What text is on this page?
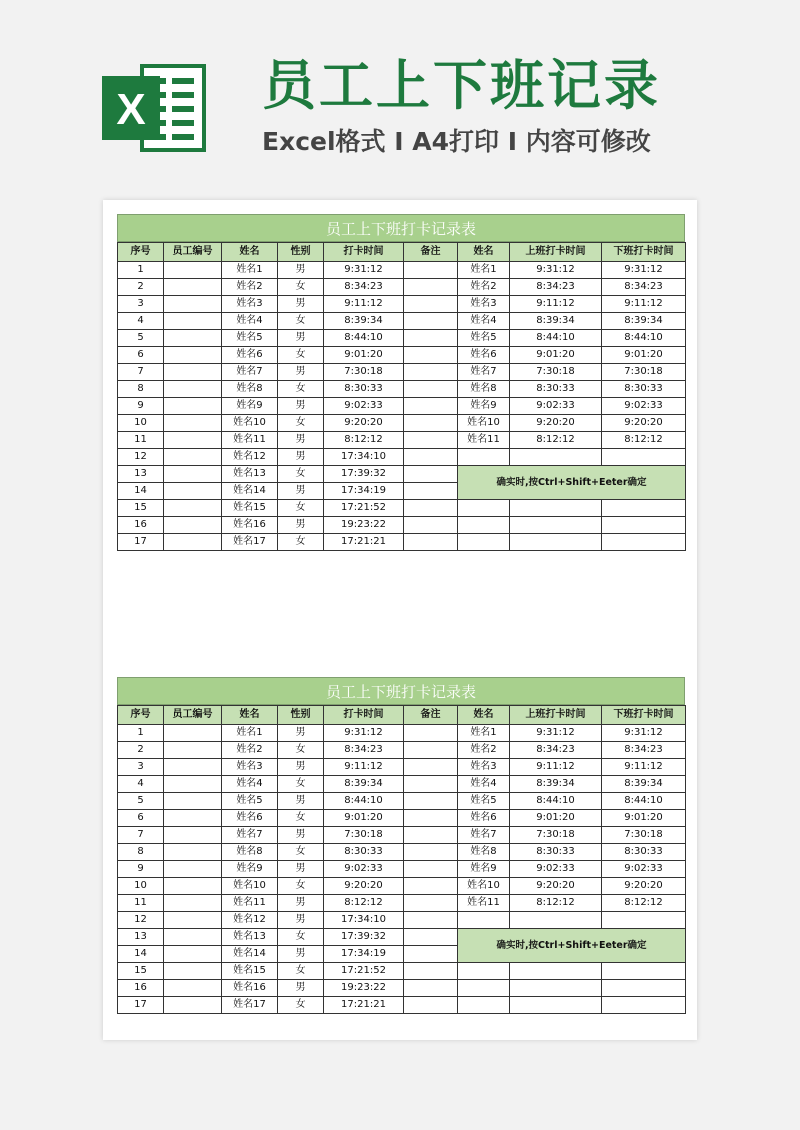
X 员工上下班记录
Excel格式 Ⅰ A4打印 Ⅰ 内容可修改
员工上下班打卡记录表
序号	员工编号	姓名	性别	打卡时间	备注	姓名	上班打卡时间	下班打卡时间
1		姓名1	男	9:31:12		姓名1	9:31:12	9:31:12
2		姓名2	女	8:34:23		姓名2	8:34:23	8:34:23
3		姓名3	男	9:11:12		姓名3	9:11:12	9:11:12
4		姓名4	女	8:39:34		姓名4	8:39:34	8:39:34
5		姓名5	男	8:44:10		姓名5	8:44:10	8:44:10
6		姓名6	女	9:01:20		姓名6	9:01:20	9:01:20
7		姓名7	男	7:30:18		姓名7	7:30:18	7:30:18
8		姓名8	女	8:30:33		姓名8	8:30:33	8:30:33
9		姓名9	男	9:02:33		姓名9	9:02:33	9:02:33
10		姓名10	女	9:20:20		姓名10	9:20:20	9:20:20
11		姓名11	男	8:12:12		姓名11	8:12:12	8:12:12
12		姓名12	男	17:34:10				
13		姓名13	女	17:39:32		确实时,按Ctrl+Shift+Eeter确定		
14		姓名14	男	17:34:19				
15		姓名15	女	17:21:52				
16		姓名16	男	19:23:22				
17		姓名17	女	17:21:21				
员工上下班打卡记录表
序号	员工编号	姓名	性别	打卡时间	备注	姓名	上班打卡时间	下班打卡时间
1		姓名1	男	9:31:12		姓名1	9:31:12	9:31:12
2		姓名2	女	8:34:23		姓名2	8:34:23	8:34:23
3		姓名3	男	9:11:12		姓名3	9:11:12	9:11:12
4		姓名4	女	8:39:34		姓名4	8:39:34	8:39:34
5		姓名5	男	8:44:10		姓名5	8:44:10	8:44:10
6		姓名6	女	9:01:20		姓名6	9:01:20	9:01:20
7		姓名7	男	7:30:18		姓名7	7:30:18	7:30:18
8		姓名8	女	8:30:33		姓名8	8:30:33	8:30:33
9		姓名9	男	9:02:33		姓名9	9:02:33	9:02:33
10		姓名10	女	9:20:20		姓名10	9:20:20	9:20:20
11		姓名11	男	8:12:12		姓名11	8:12:12	8:12:12
12		姓名12	男	17:34:10				
13		姓名13	女	17:39:32		确实时,按Ctrl+Shift+Eeter确定		
14		姓名14	男	17:34:19				
15		姓名15	女	17:21:52				
16		姓名16	男	19:23:22				
17		姓名17	女	17:21:21				
